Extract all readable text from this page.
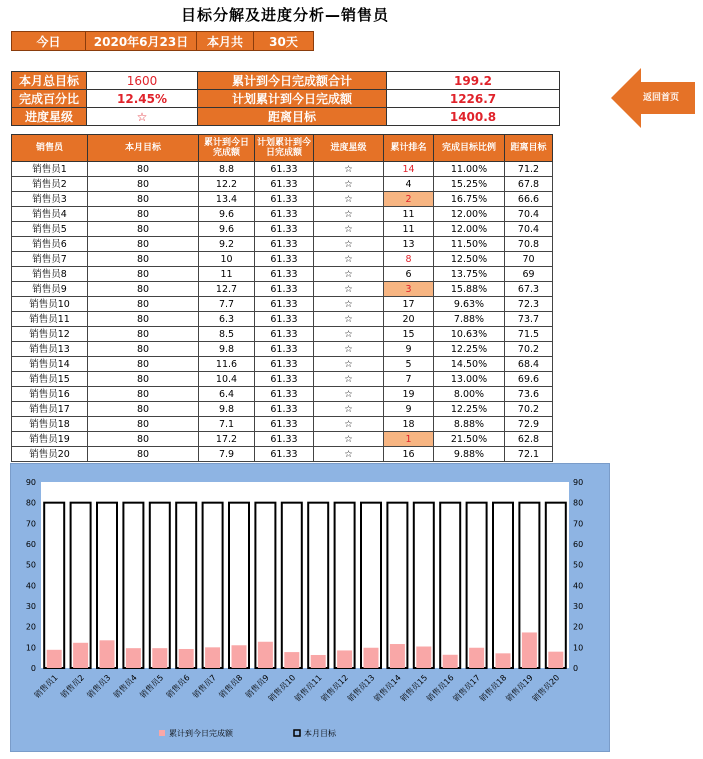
目标分解及进度分析—销售员
今日	2020年6月23日	本月共	30天
本月总目标	1600	累计到今日完成额合计	199.2
完成百分比	12.45%	计划累计到今日完成额	1226.7
进度星级	☆	距离目标	1400.8
返回首页
销售员	本月目标	累计到今日完成额	计划累计到今日完成额	进度星级	累计排名	完成目标比例	距离目标
销售员1	80	8.8	61.33	☆	14	11.00%	71.2
销售员2	80	12.2	61.33	☆	4	15.25%	67.8
销售员3	80	13.4	61.33	☆	2	16.75%	66.6
销售员4	80	9.6	61.33	☆	11	12.00%	70.4
销售员5	80	9.6	61.33	☆	11	12.00%	70.4
销售员6	80	9.2	61.33	☆	13	11.50%	70.8
销售员7	80	10	61.33	☆	8	12.50%	70
销售员8	80	11	61.33	☆	6	13.75%	69
销售员9	80	12.7	61.33	☆	3	15.88%	67.3
销售员10	80	7.7	61.33	☆	17	9.63%	72.3
销售员11	80	6.3	61.33	☆	20	7.88%	73.7
销售员12	80	8.5	61.33	☆	15	10.63%	71.5
销售员13	80	9.8	61.33	☆	9	12.25%	70.2
销售员14	80	11.6	61.33	☆	5	14.50%	68.4
销售员15	80	10.4	61.33	☆	7	13.00%	69.6
销售员16	80	6.4	61.33	☆	19	8.00%	73.6
销售员17	80	9.8	61.33	☆	9	12.25%	70.2
销售员18	80	7.1	61.33	☆	18	8.88%	72.9
销售员19	80	17.2	61.33	☆	1	21.50%	62.8
销售员20	80	7.9	61.33	☆	16	9.88%	72.1
0	0
10	10
20	20
30	30
40	40
50	50
60	60
70	70
80	80
90	90
销售员1 销售员2 销售员3 销售员4 销售员5 销售员6 销售员7 销售员8 销售员9
销售员10
销售员11
销售员12
销售员13
销售员14
销售员15
销售员16
销售员17
销售员18
销售员19
销售员20
累计到今日完成额	本月目标
